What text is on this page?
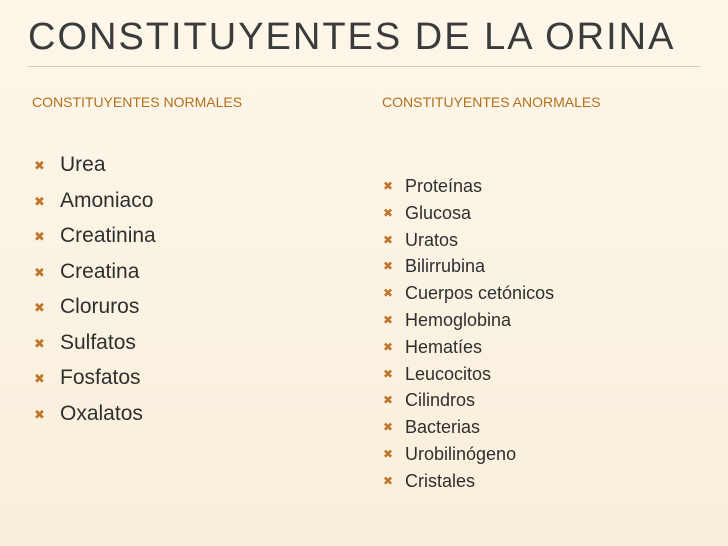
CONSTITUYENTES DE LA ORINA
CONSTITUYENTES NORMALES	CONSTITUYENTES ANORMALES
✖ Urea
✖ Amoniaco
✖ Creatinina
✖ Creatina
✖ Cloruros
✖ Sulfatos
✖ Fosfatos
✖ Oxalatos
✖ Proteínas
✖ Glucosa
✖ Uratos
✖ Bilirrubina
✖ Cuerpos cetónicos
✖ Hemoglobina
✖ Hematíes
✖ Leucocitos
✖ Cilindros
✖ Bacterias
✖ Urobilinógeno
✖ Cristales
